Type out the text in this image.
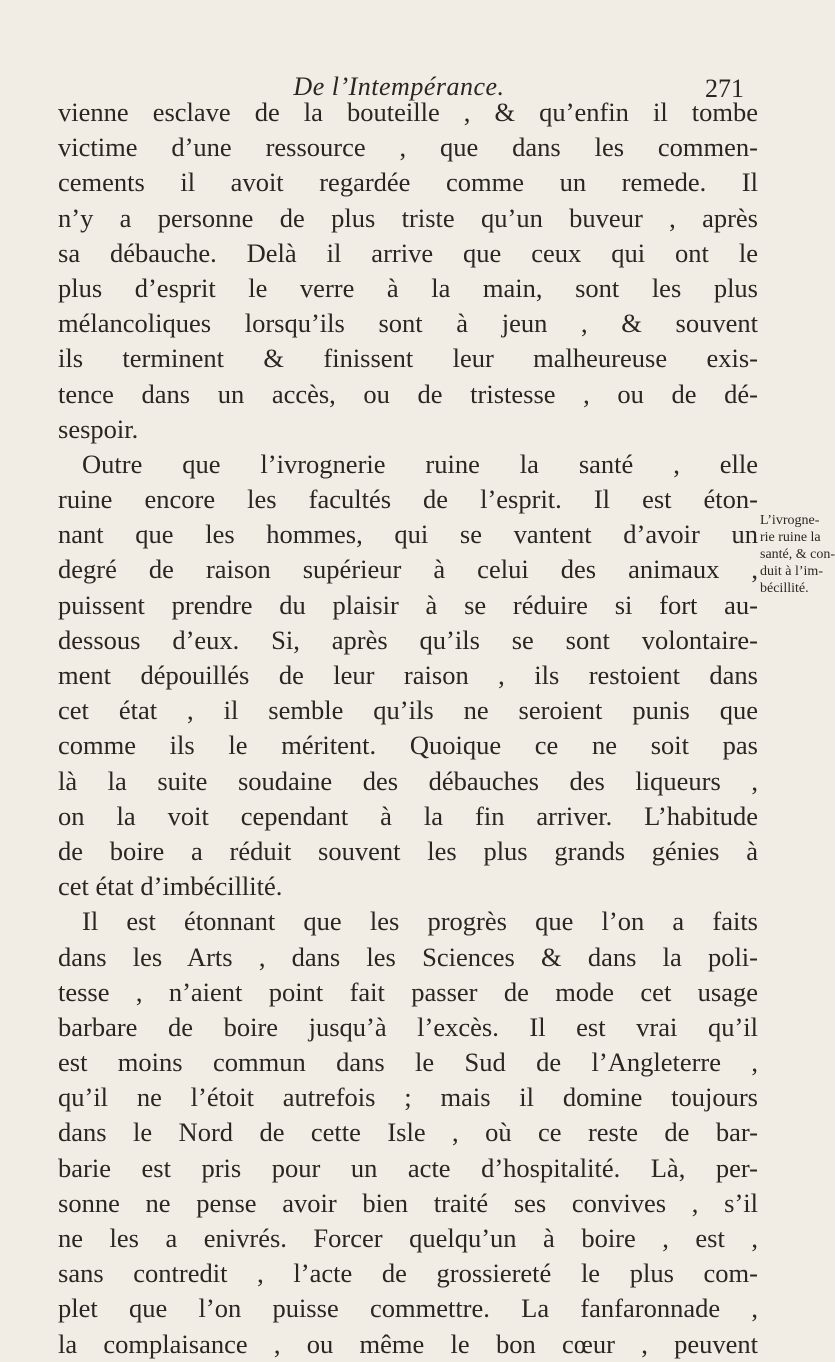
De l’Intempérance.	271
vienne esclave de la bouteille , & qu’enfin il tombe
victime d’une ressource , que dans les commen-
cements il avoit regardée comme un remede. Il
n’y a personne de plus triste qu’un buveur , après
sa débauche. Delà il arrive que ceux qui ont le
plus d’esprit le verre à la main, sont les plus
mélancoliques lorsqu’ils sont à jeun , & souvent
ils terminent & finissent leur malheureuse exis-
tence dans un accès, ou de tristesse , ou de dé-
sespoir.
Outre que l’ivrognerie ruine la santé , elle
ruine encore les facultés de l’esprit. Il est éton-
nant que les hommes, qui se vantent d’avoir un
degré de raison supérieur à celui des animaux ,
puissent prendre du plaisir à se réduire si fort au-
dessous d’eux. Si, après qu’ils se sont volontaire-
ment dépouillés de leur raison , ils restoient dans
cet état , il semble qu’ils ne seroient punis que
comme ils le méritent. Quoique ce ne soit pas
là la suite soudaine des débauches des liqueurs ,
on la voit cependant à la fin arriver. L’habitude
de boire a réduit souvent les plus grands génies à
cet état d’imbécillité.
Il est étonnant que les progrès que l’on a faits
dans les Arts , dans les Sciences & dans la poli-
tesse , n’aient point fait passer de mode cet usage
barbare de boire jusqu’à l’excès. Il est vrai qu’il
est moins commun dans le Sud de l’Angleterre ,
qu’il ne l’étoit autrefois ; mais il domine toujours
dans le Nord de cette Isle , où ce reste de bar-
barie est pris pour un acte d’hospitalité. Là, per-
sonne ne pense avoir bien traité ses convives , s’il
ne les a enivrés. Forcer quelqu’un à boire , est ,
sans contredit , l’acte de grossiereté le plus com-
plet que l’on puisse commettre. La fanfaronnade ,
la complaisance , ou même le bon cœur , peuvent
L’ivrogne-
rie ruine la
santé, & con-
duit à l’im-
bécillité.
